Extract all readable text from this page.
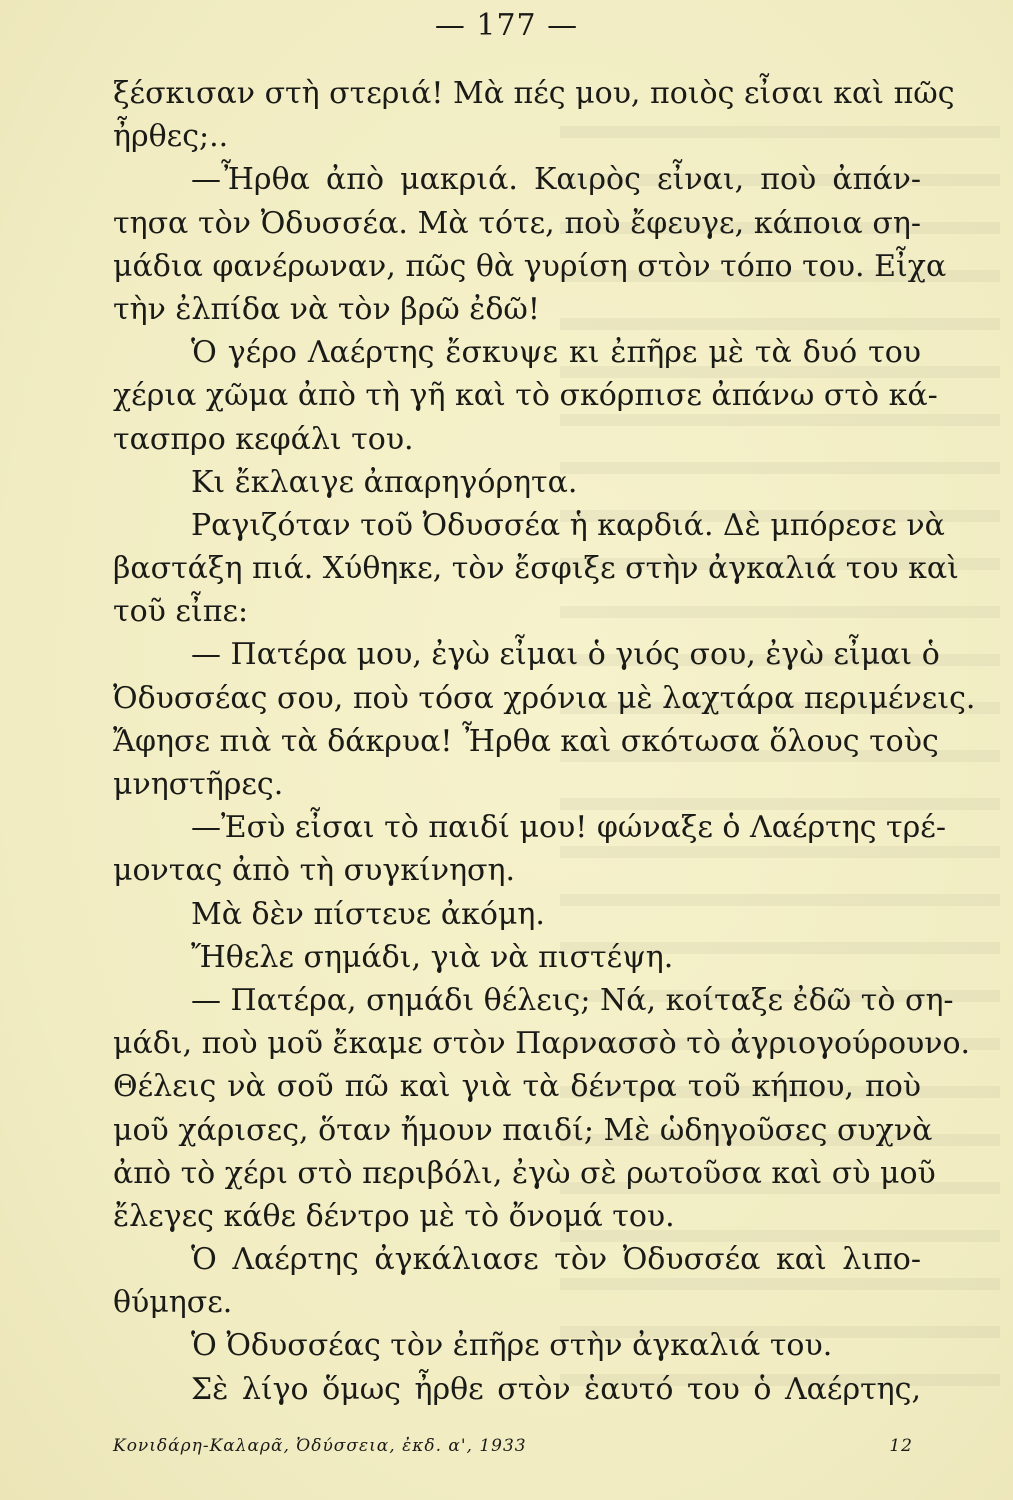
— 177 —
ξέσκισαν στὴ στεριά! Μὰ πές μου, ποιὸς εἶσαι καὶ πῶς
ἦρθες;..
—Ἦρθα ἀπὸ μακριά. Καιρὸς εἶναι, ποὺ ἀπάν-
τησα τὸν Ὀδυσσέα. Μὰ τότε, ποὺ ἔφευγε, κάποια ση-
μάδια φανέρωναν, πῶς θὰ γυρίση στὸν τόπο του. Εἶχα
τὴν ἐλπίδα νὰ τὸν βρῶ ἐδῶ!
Ὁ γέρο Λαέρτης ἔσκυψε κι ἐπῆρε μὲ τὰ δυό του
χέρια χῶμα ἀπὸ τὴ γῆ καὶ τὸ σκόρπισε ἀπάνω στὸ κά-
τασπρο κεφάλι του.
Κι ἔκλαιγε ἀπαρηγόρητα.
Ραγιζόταν τοῦ Ὀδυσσέα ἡ καρδιά. Δὲ μπόρεσε νὰ
βαστάξη πιά. Χύθηκε, τὸν ἔσφιξε στὴν ἀγκαλιά του καὶ
τοῦ εἶπε:
— Πατέρα μου, ἐγὼ εἶμαι ὁ γιός σου, ἐγὼ εἶμαι ὁ
Ὀδυσσέας σου, ποὺ τόσα χρόνια μὲ λαχτάρα περιμένεις.
Ἄφησε πιὰ τὰ δάκρυα! Ἦρθα καὶ σκότωσα ὅλους τοὺς
μνηστῆρες.
—Ἐσὺ εἶσαι τὸ παιδί μου! φώναξε ὁ Λαέρτης τρέ-
μοντας ἀπὸ τὴ συγκίνηση.
Μὰ δὲν πίστευε ἀκόμη.
Ἤθελε σημάδι, γιὰ νὰ πιστέψη.
— Πατέρα, σημάδι θέλεις; Νά, κοίταξε ἐδῶ τὸ ση-
μάδι, ποὺ μοῦ ἔκαμε στὸν Παρνασσὸ τὸ ἀγριογούρουνο.
Θέλεις νὰ σοῦ πῶ καὶ γιὰ τὰ δέντρα τοῦ κήπου, ποὺ
μοῦ χάρισες, ὅταν ἤμουν παιδί; Μὲ ὡδηγοῦσες συχνὰ
ἀπὸ τὸ χέρι στὸ περιβόλι, ἐγὼ σὲ ρωτοῦσα καὶ σὺ μοῦ
ἔλεγες κάθε δέντρο μὲ τὸ ὄνομά του.
Ὁ Λαέρτης ἀγκάλιασε τὸν Ὀδυσσέα καὶ λιπο-
θύμησε.
Ὁ Ὀδυσσέας τὸν ἐπῆρε στὴν ἀγκαλιά του.
Σὲ λίγο ὅμως ἦρθε στὸν ἑαυτό του ὁ Λαέρτης,
Κονιδάρη-Καλαρᾶ, Ὀδύσσεια, ἐκδ. α', 1933	12
